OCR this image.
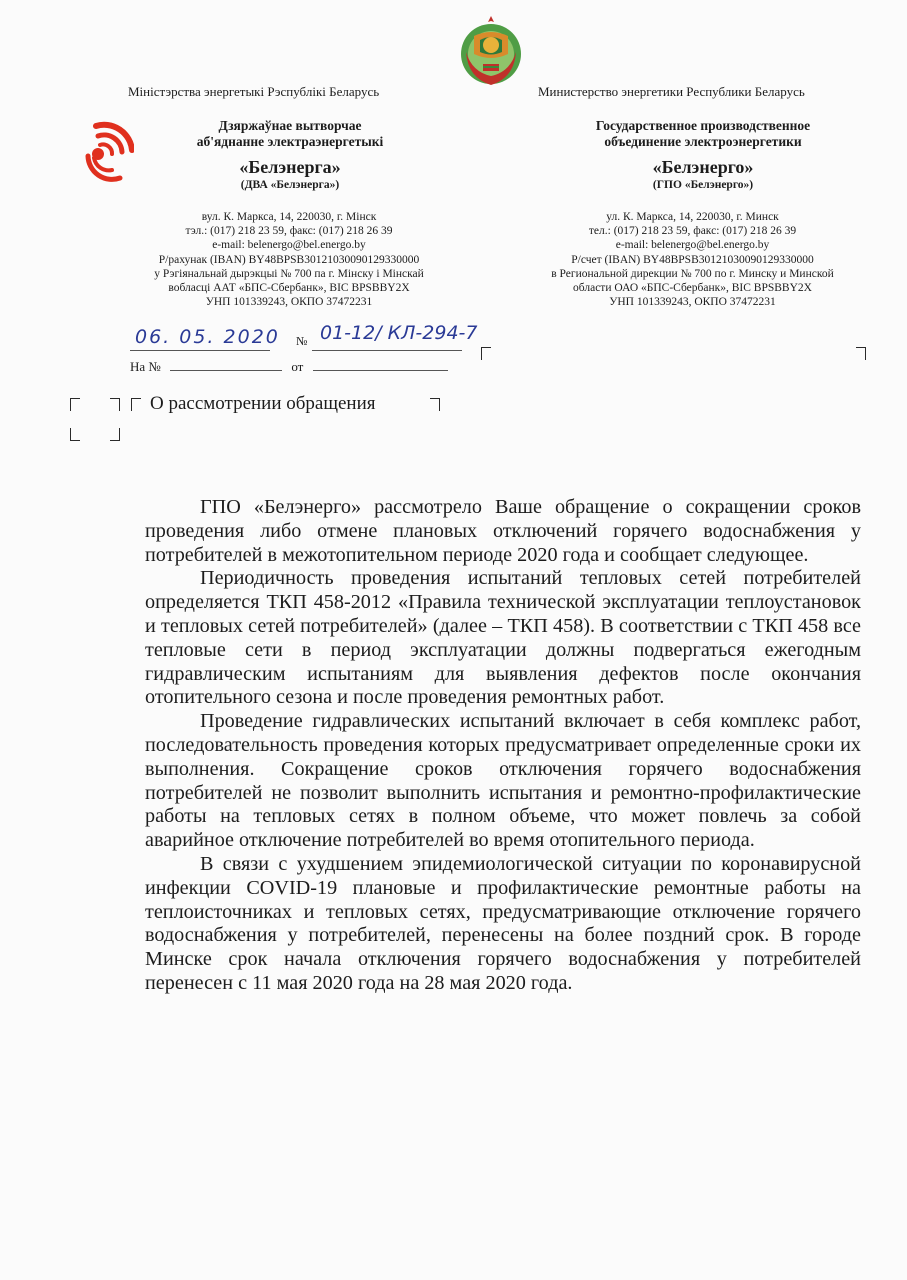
Міністэрства энергетыкі Рэспублікі Беларусь	Министерство энергетики Республики Беларусь
Дзяржаўнае вытворчае
аб'яднанне электраэнергетыкі
«Белэнерга»
(ДВА «Белэнерга»)
Государственное производственное
объединение электроэнергетики
«Белэнерго»
(ГПО «Белэнерго»)
вул. К. Маркса, 14, 220030, г. Мінск
тэл.: (017) 218 23 59, факс: (017) 218 26 39
e-mail: belenergo@bel.energo.by
P/рахунак (IBAN) BY48BPSB30121030090129330000
у Рэгіянальнай дырэкцыі № 700 па г. Мінску і Мінскай
вобласці ААТ «БПС-Сбербанк», BIC BPSBBY2X
УНП 101339243, ОКПО 37472231
ул. К. Маркса, 14, 220030, г. Минск
тел.: (017) 218 23 59, факс: (017) 218 26 39
e-mail: belenergo@bel.energo.by
P/счет (IBAN) BY48BPSB30121030090129330000
в Региональной дирекции № 700 по г. Минску и Минской
области ОАО «БПС-Сбербанк», BIC BPSBBY2X
УНП 101339243, ОКПО 37472231
06. 05. 2020 № 01-12/ КЛ-294-7
На №	от
О рассмотрении обращения

ГПО «Белэнерго» рассмотрело Ваше обращение о сокращении сроков проведения либо отмене плановых отключений горячего водоснабжения у потребителей в межотопительном периоде 2020 года и сообщает следующее.

Периодичность проведения испытаний тепловых сетей потребителей определяется ТКП 458-2012 «Правила технической эксплуатации теплоустановок и тепловых сетей потребителей» (далее – ТКП 458). В соответствии с ТКП 458 все тепловые сети в период эксплуатации должны подвергаться ежегодным гидравлическим испытаниям для выявления дефектов после окончания отопительного сезона и после проведения ремонтных работ.

Проведение гидравлических испытаний включает в себя комплекс работ, последовательность проведения которых предусматривает определенные сроки их выполнения. Сокращение сроков отключения горячего водоснабжения потребителей не позволит выполнить испытания и ремонтно-профилактические работы на тепловых сетях в полном объеме, что может повлечь за собой аварийное отключение потребителей во время отопительного периода.

В связи с ухудшением эпидемиологической ситуации по коронавирусной инфекции COVID-19 плановые и профилактические ремонтные работы на теплоисточниках и тепловых сетях, предусматривающие отключение горячего водоснабжения у потребителей, перенесены на более поздний срок. В городе Минске срок начала отключения горячего водоснабжения у потребителей перенесен с 11 мая 2020 года на 28 мая 2020 года.
